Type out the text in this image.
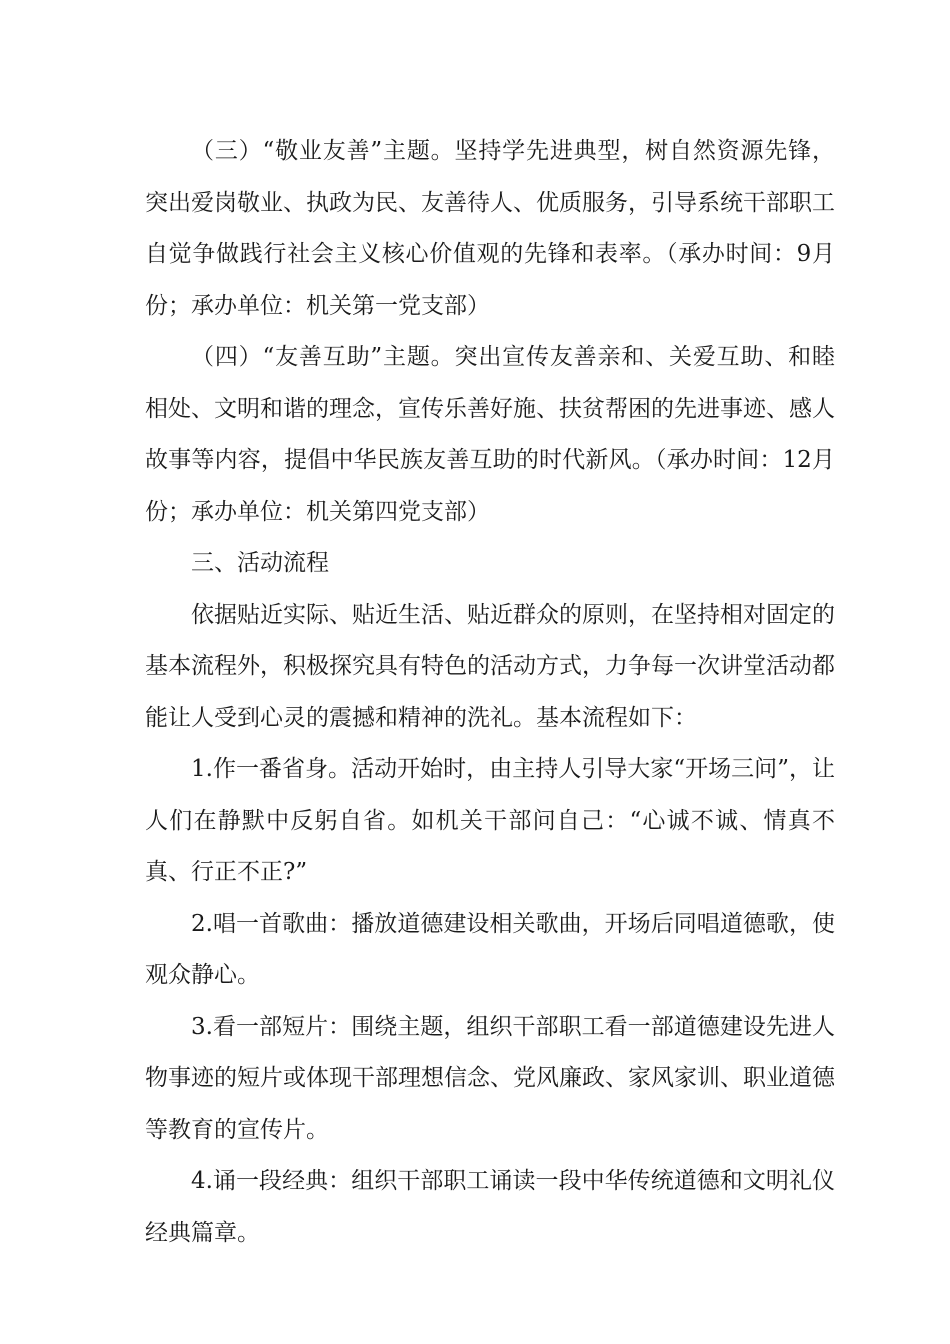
（三）“敬业友善”主题。坚持学先进典型，树自然资源先锋，突出爱岗敬业、执政为民、友善待人、优质服务，引导系统干部职工自觉争做践行社会主义核心价值观的先锋和表率。（承办时间：9月份；承办单位：机关第一党支部）

（四）“友善互助”主题。突出宣传友善亲和、关爱互助、和睦相处、文明和谐的理念，宣传乐善好施、扶贫帮困的先进事迹、感人故事等内容，提倡中华民族友善互助的时代新风。（承办时间：12月份；承办单位：机关第四党支部）

三、活动流程

依据贴近实际、贴近生活、贴近群众的原则，在坚持相对固定的基本流程外，积极探究具有特色的活动方式，力争每一次讲堂活动都能让人受到心灵的震撼和精神的洗礼。基本流程如下：

1.作一番省身。活动开始时，由主持人引导大家“开场三问”，让人们在静默中反躬自省。如机关干部问自己：“心诚不诚、情真不真、行正不正?”

2.唱一首歌曲：播放道德建设相关歌曲，开场后同唱道德歌，使观众静心。

3.看一部短片：围绕主题，组织干部职工看一部道德建设先进人物事迹的短片或体现干部理想信念、党风廉政、家风家训、职业道德等教育的宣传片。

4.诵一段经典：组织干部职工诵读一段中华传统道德和文明礼仪经典篇章。
